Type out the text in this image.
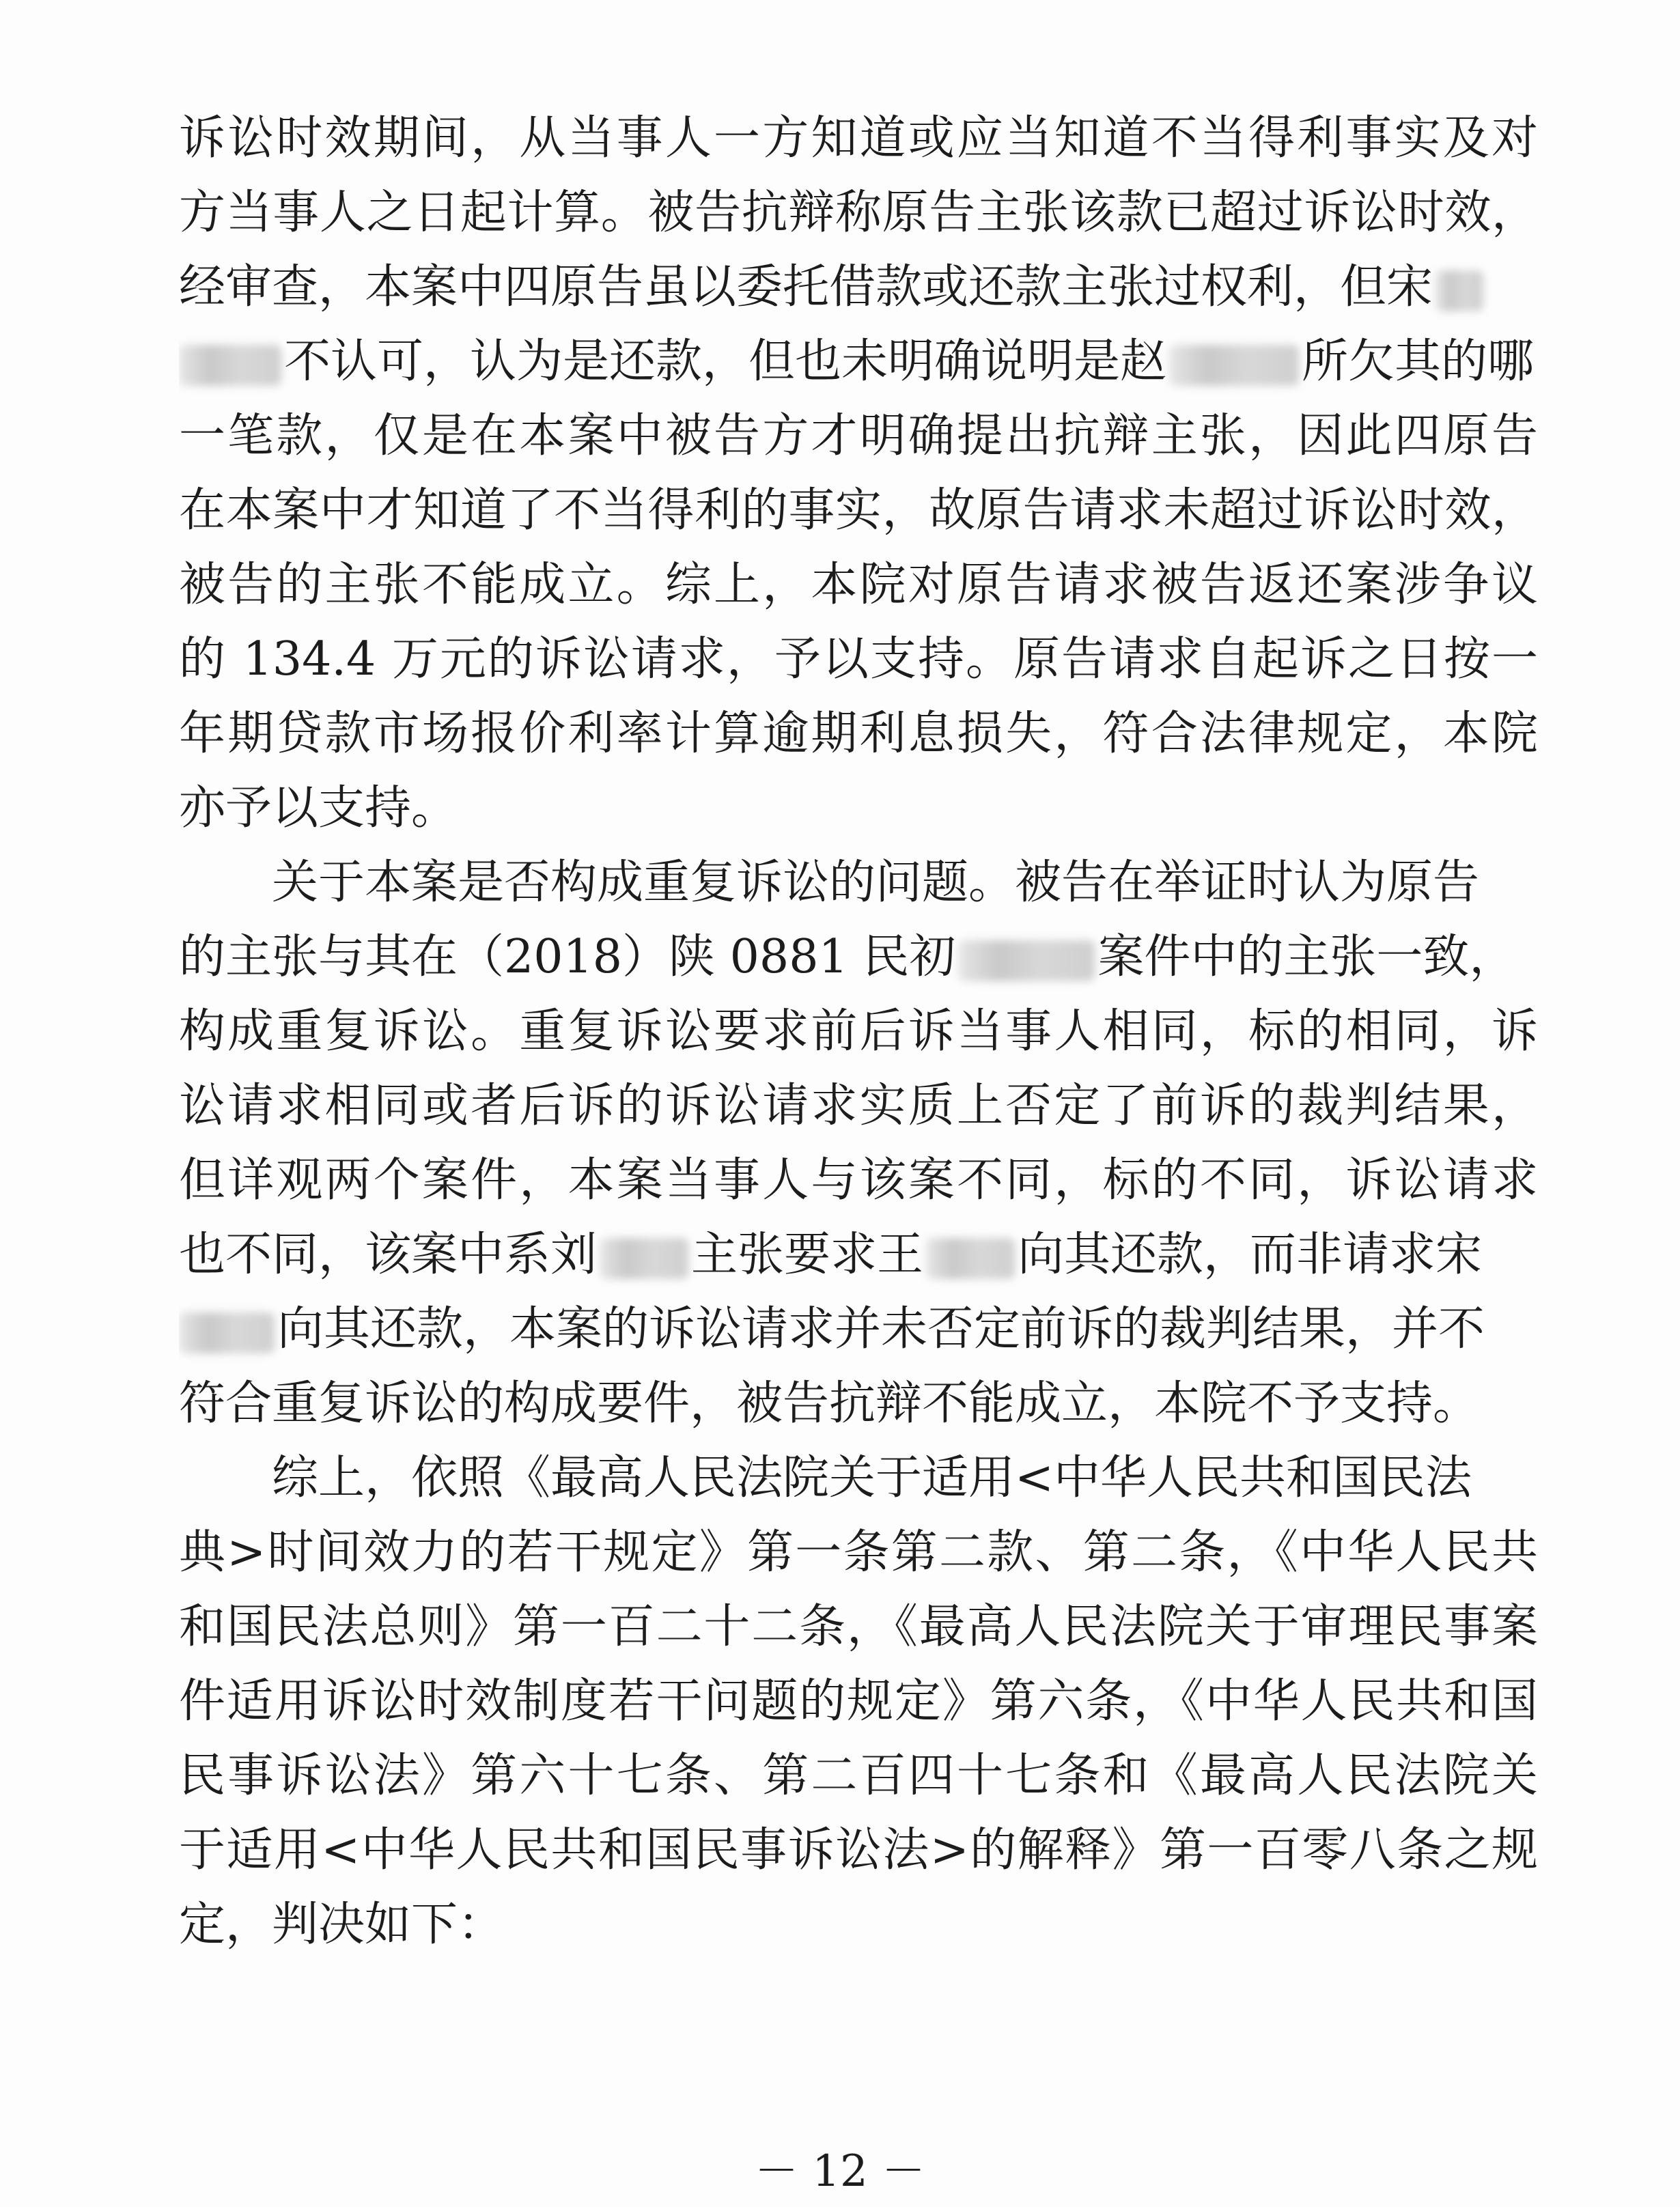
诉讼时效期间，从当事人一方知道或应当知道不当得利事实及对
方当事人之日起计算。被告抗辩称原告主张该款已超过诉讼时效，
经审查，本案中四原告虽以委托借款或还款主张过权利，但宋
不认可，认为是还款，但也未明确说明是赵	所欠其的哪
一笔款，仅是在本案中被告方才明确提出抗辩主张，因此四原告
在本案中才知道了不当得利的事实，故原告请求未超过诉讼时效，
被告的主张不能成立。综上，本院对原告请求被告返还案涉争议
的 134.4 万元的诉讼请求，予以支持。原告请求自起诉之日按一
年期贷款市场报价利率计算逾期利息损失，符合法律规定，本院
亦予以支持。
关于本案是否构成重复诉讼的问题。被告在举证时认为原告
的主张与其在（2018）陕 0881 民初	案件中的主张一致，
构成重复诉讼。重复诉讼要求前后诉当事人相同，标的相同，诉
讼请求相同或者后诉的诉讼请求实质上否定了前诉的裁判结果，
但详观两个案件，本案当事人与该案不同，标的不同，诉讼请求
也不同，该案中系刘 主张要求王 向其还款，而非请求宋
向其还款，本案的诉讼请求并未否定前诉的裁判结果，并不
符合重复诉讼的构成要件，被告抗辩不能成立，本院不予支持。
综上，依照《最高人民法院关于适用<中华人民共和国民法
典>时间效力的若干规定》第一条第二款、第二条，《中华人民共
和国民法总则》第一百二十二条，《最高人民法院关于审理民事案
件适用诉讼时效制度若干问题的规定》第六条，《中华人民共和国
民事诉讼法》第六十七条、第二百四十七条和《最高人民法院关
于适用<中华人民共和国民事诉讼法>的解释》第一百零八条之规
定，判决如下：
－ 12 －
